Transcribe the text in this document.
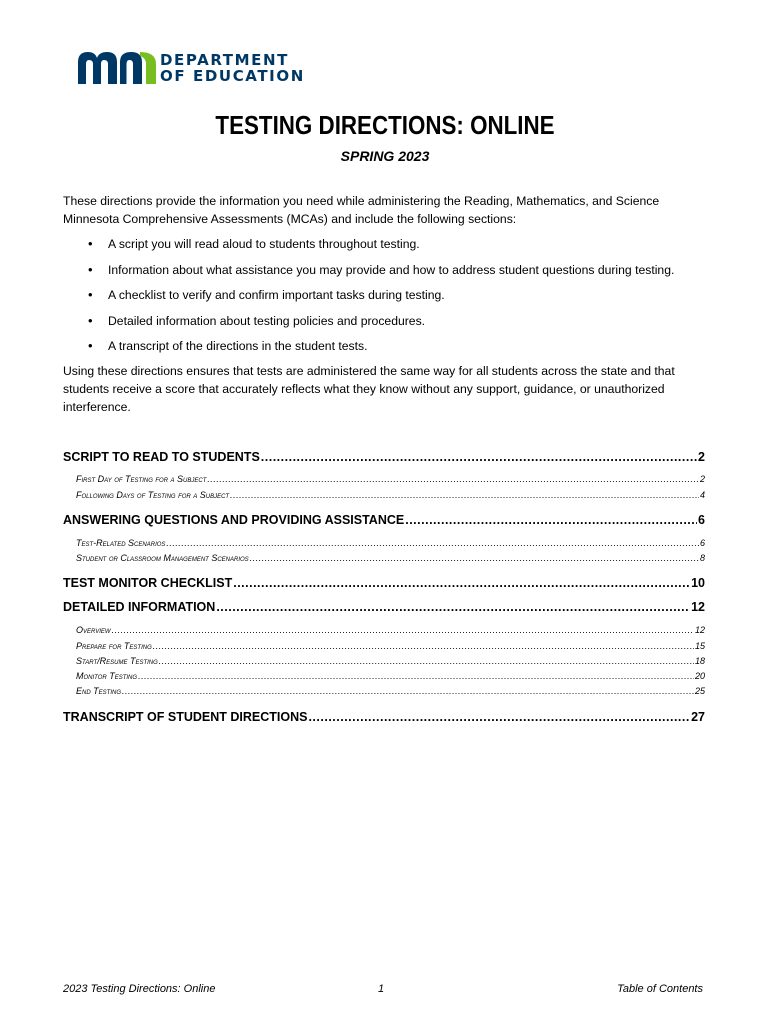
DEPARTMENT
OF EDUCATION
TESTING DIRECTIONS: ONLINE
SPRING 2023
These directions provide the information you need while administering the Reading, Mathematics, and Science Minnesota Comprehensive Assessments (MCAs) and include the following sections:
• A script you will read aloud to students throughout testing.
• Information about what assistance you may provide and how to address student questions during testing.
• A checklist to verify and confirm important tasks during testing.
• Detailed information about testing policies and procedures.
• A transcript of the directions in the student tests.
Using these directions ensures that tests are administered the same way for all students across the state and that students receive a score that accurately reflects what they know without any support, guidance, or unauthorized interference.
SCRIPT TO READ TO STUDENTS .....	2
First Day of Testing for a Subject .....	2
Following Days of Testing for a Subject .....	4
ANSWERING QUESTIONS AND PROVIDING ASSISTANCE .....	6
Test-Related Scenarios .....	6
Student or Classroom Management Scenarios .....	8
TEST MONITOR CHECKLIST .....	10
DETAILED INFORMATION .....	12
Overview .....	12
Prepare for Testing .....	15
Start/Resume Testing .....	18
Monitor Testing .....	20
End Testing .....	25
TRANSCRIPT OF STUDENT DIRECTIONS .....	27
2023 Testing Directions: Online	1	Table of Contents
